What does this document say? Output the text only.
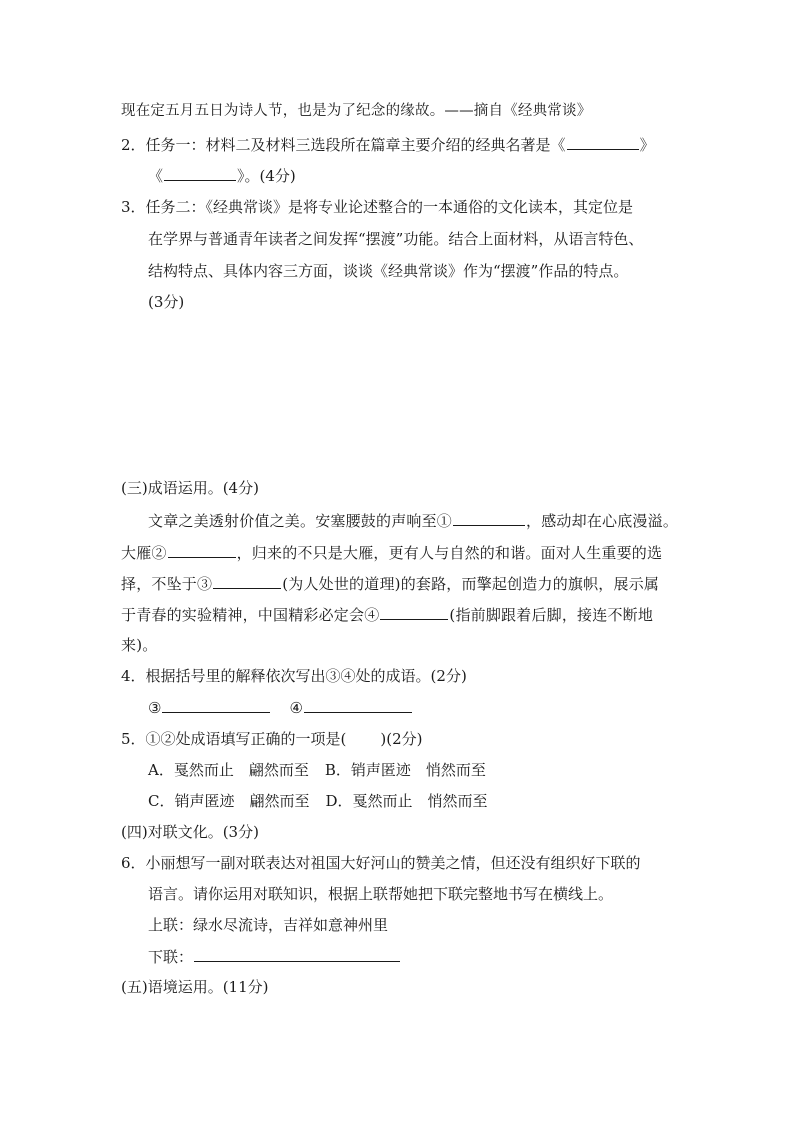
现在定五月五日为诗人节，也是为了纪念的缘故。——摘自《经典常谈》
2．任务一：材料二及材料三选段所在篇章主要介绍的经典名著是《	》
《	》。(4分)
3．任务二：《经典常谈》是将专业论述整合的一本通俗的文化读本，其定位是
在学界与普通青年读者之间发挥“摆渡”功能。结合上面材料，从语言特色、
结构特点、具体内容三方面，谈谈《经典常谈》作为“摆渡”作品的特点。
(3分)
(三)成语运用。(4分)
文章之美透射价值之美。安塞腰鼓的声响至①	，感动却在心底漫溢。
大雁②	，归来的不只是大雁，更有人与自然的和谐。面对人生重要的选
择，不坠于③	(为人处世的道理)的套路，而擎起创造力的旗帜，展示属
于青春的实验精神，中国精彩必定会④	(指前脚跟着后脚，接连不断地
来)。
4．根据括号里的解释依次写出③④处的成语。(2分)
③	④
5．①②处成语填写正确的一项是( )(2分)
A．戛然而止　翩然而至 B．销声匿迹　悄然而至
C．销声匿迹　翩然而至 D．戛然而止　悄然而至
(四)对联文化。(3分)
6．小丽想写一副对联表达对祖国大好河山的赞美之情，但还没有组织好下联的
语言。请你运用对联知识，根据上联帮她把下联完整地书写在横线上。
上联：绿水尽流诗，吉祥如意神州里
下联：
(五)语境运用。(11分)
